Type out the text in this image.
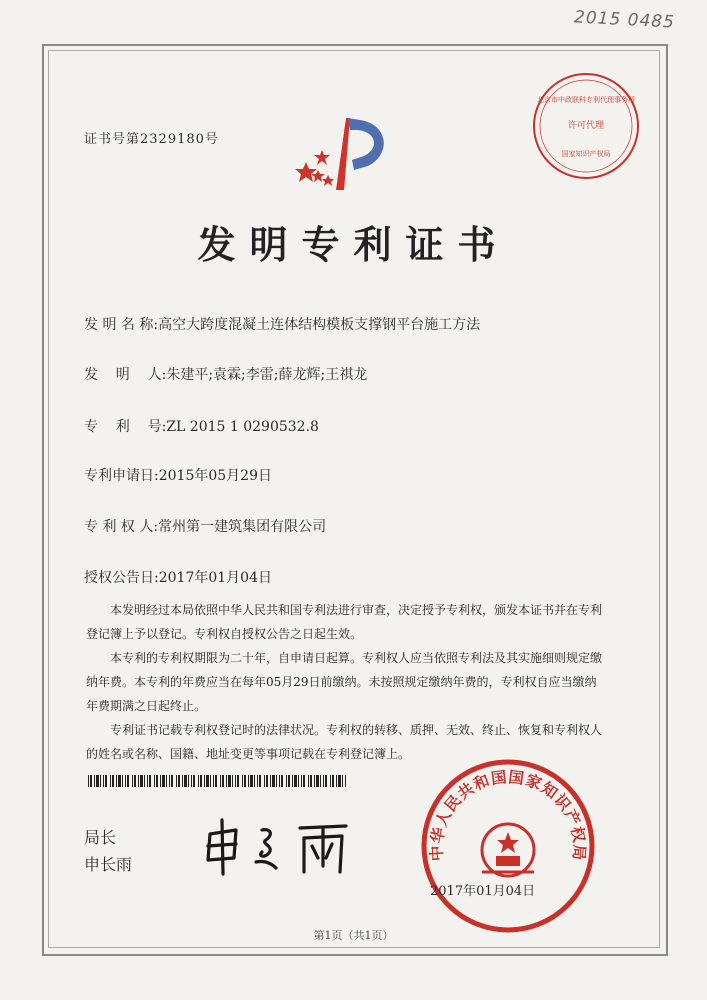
2015 0485
证书号第2329180号
北京市中政联科专利代理事务所
许可代理
国家知识产权局
发明专利证书
发 明 名 称:高空大跨度混凝土连体结构模板支撑钢平台施工方法
发    明    人:朱建平;袁霖;李雷;薛龙辉;王祺龙
专    利    号:ZL 2015 1 0290532.8
专利申请日:2015年05月29日
专 利 权 人:常州第一建筑集团有限公司
授权公告日:2017年01月04日

本发明经过本局依照中华人民共和国专利法进行审查，决定授予专利权，颁发本证书并在专利登记簿上予以登记。专利权自授权公告之日起生效。

本专利的专利权期限为二十年，自申请日起算。专利权人应当依照专利法及其实施细则规定缴纳年费。本专利的年费应当在每年05月29日前缴纳。未按照规定缴纳年费的，专利权自应当缴纳年费期满之日起终止。

专利证书记载专利权登记时的法律状况。专利权的转移、质押、无效、终止、恢复和专利权人的姓名或名称、国籍、地址变更等事项记载在专利登记簿上。

局长
申长雨
中华人民共和国国家知识产权局
2017年01月04日
第1页（共1页）
